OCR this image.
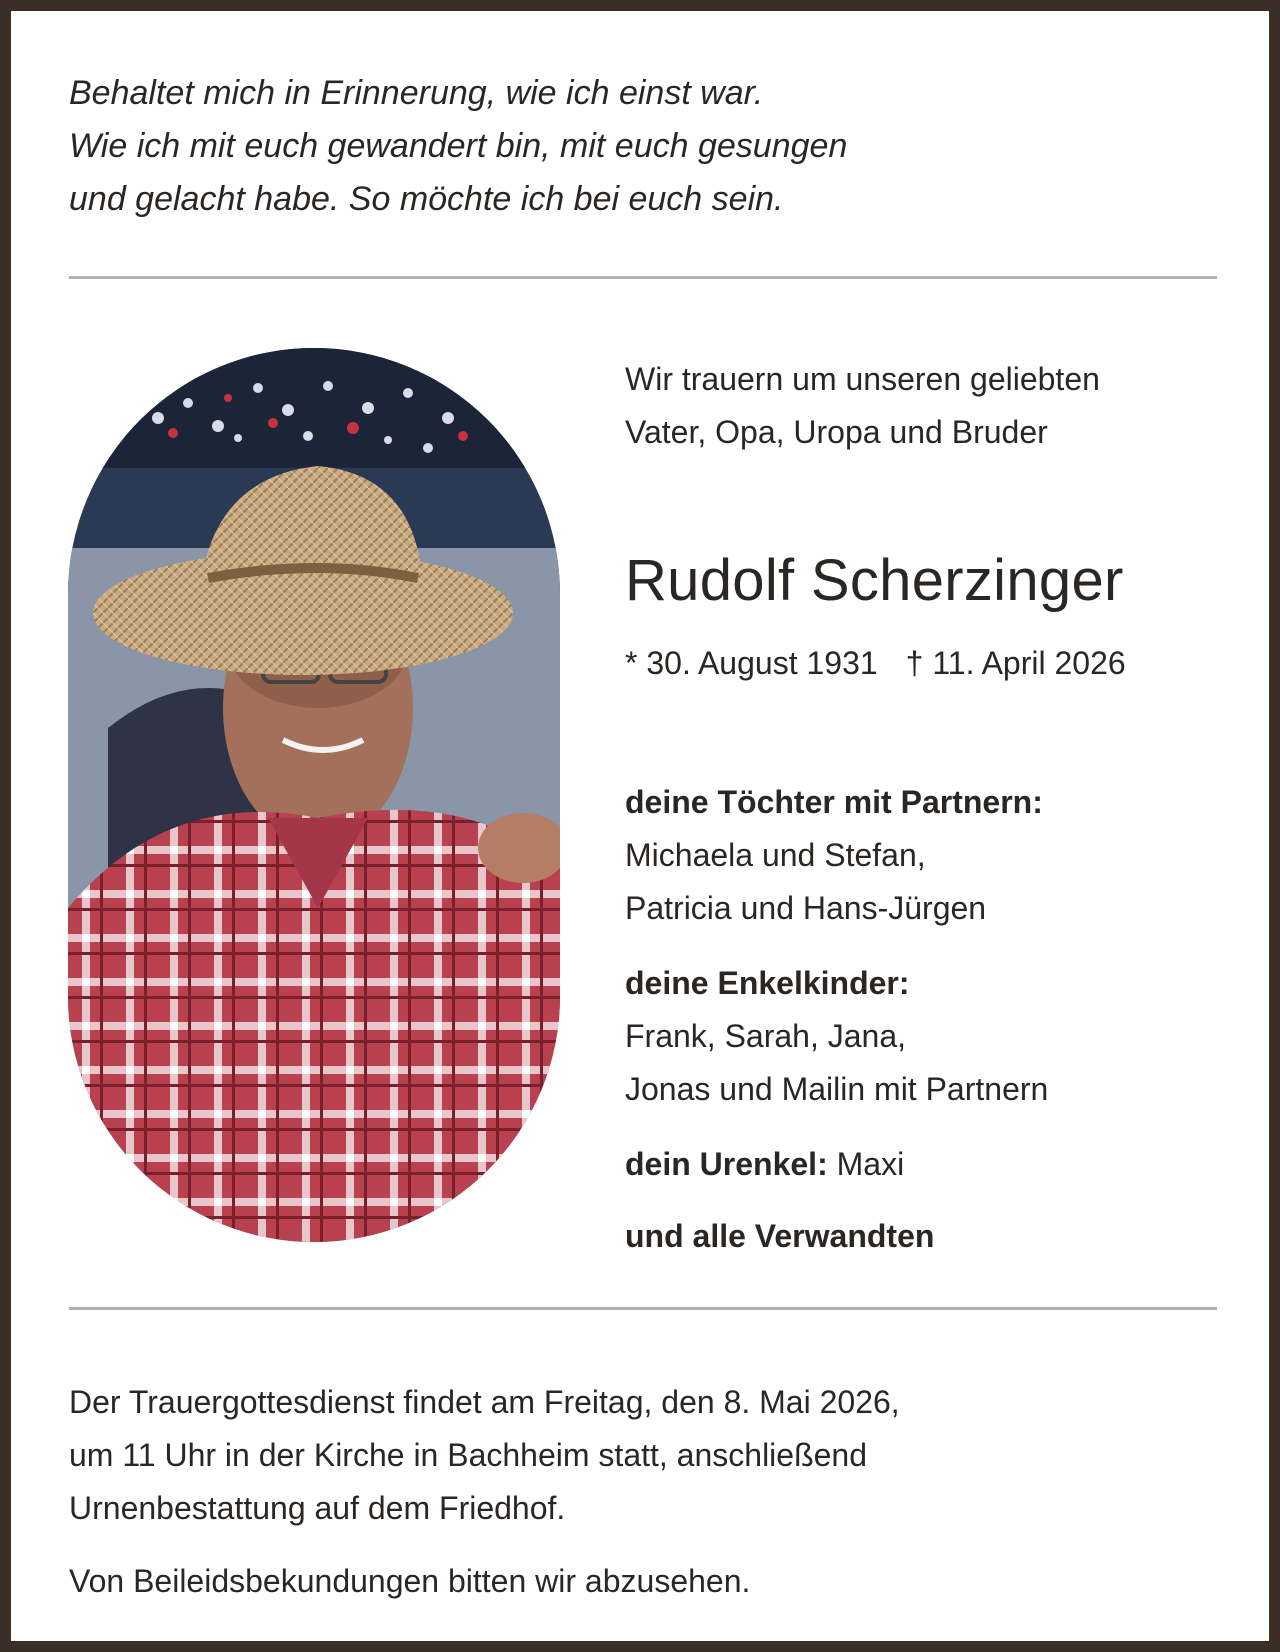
Behaltet mich in Erinnerung, wie ich einst war.
Wie ich mit euch gewandert bin, mit euch gesungen
und gelacht habe. So möchte ich bei euch sein.
Wir trauern um unseren geliebten
Vater, Opa, Uropa und Bruder
Rudolf Scherzinger
* 30. August 1931 † 11. April 2026
deine Töchter mit Partnern:
Michaela und Stefan,
Patricia und Hans-Jürgen
deine Enkelkinder:
Frank, Sarah, Jana,
Jonas und Mailin mit Partnern
dein Urenkel: Maxi
und alle Verwandten
Der Trauergottesdienst findet am Freitag, den 8. Mai 2026,
um 11 Uhr in der Kirche in Bachheim statt, anschließend
Urnenbestattung auf dem Friedhof.
Von Beileidsbekundungen bitten wir abzusehen.
